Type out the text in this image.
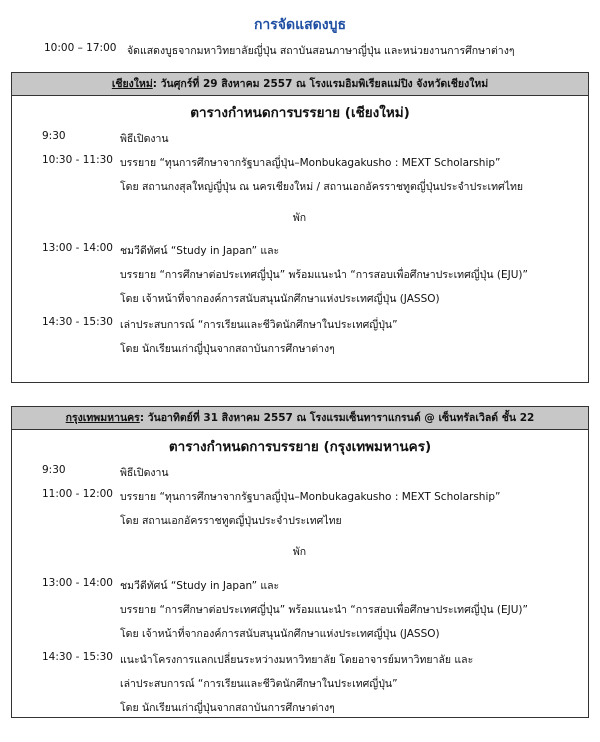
การจัดแสดงบูธ
10:00 – 17:00	จัดแสดงบูธจากมหาวิทยาลัยญี่ปุ่น สถาบันสอนภาษาญี่ปุ่น และหน่วยงานการศึกษาต่างๆ
เชียงใหม่: วันศุกร์ที่ 29 สิงหาคม 2557 ณ โรงแรมอิมพิเรียลแม่ปิง จังหวัดเชียงใหม่
ตารางกำหนดการบรรยาย (เชียงใหม่)
9:30	พิธีเปิดงาน
10:30 - 11:30 บรรยาย “ทุนการศึกษาจากรัฐบาลญี่ปุ่น–Monbukagakusho : MEXT Scholarship”
โดย สถานกงสุลใหญ่ญี่ปุ่น ณ นครเชียงใหม่ / สถานเอกอัครราชทูตญี่ปุ่นประจำประเทศไทย
พัก
13:00 - 14:00 ชมวีดีทัศน์ “Study in Japan” และ
บรรยาย “การศึกษาต่อประเทศญี่ปุ่น” พร้อมแนะนำ “การสอบเพื่อศึกษาประเทศญี่ปุ่น (EJU)”
โดย เจ้าหน้าที่จากองค์การสนับสนุนนักศึกษาแห่งประเทศญี่ปุ่น (JASSO)
14:30 - 15:30 เล่าประสบการณ์ “การเรียนและชีวิตนักศึกษาในประเทศญี่ปุ่น”
โดย นักเรียนเก่าญี่ปุ่นจากสถาบันการศึกษาต่างๆ
กรุงเทพมหานคร: วันอาทิตย์ที่ 31 สิงหาคม 2557 ณ โรงแรมเซ็นทาราแกรนด์ @ เซ็นทรัลเวิลด์ ชั้น 22
ตารางกำหนดการบรรยาย (กรุงเทพมหานคร)
9:30	พิธีเปิดงาน
11:00 - 12:00 บรรยาย “ทุนการศึกษาจากรัฐบาลญี่ปุ่น–Monbukagakusho : MEXT Scholarship”
โดย สถานเอกอัครราชทูตญี่ปุ่นประจำประเทศไทย
พัก
13:00 - 14:00 ชมวีดีทัศน์ “Study in Japan” และ
บรรยาย “การศึกษาต่อประเทศญี่ปุ่น” พร้อมแนะนำ “การสอบเพื่อศึกษาประเทศญี่ปุ่น (EJU)”
โดย เจ้าหน้าที่จากองค์การสนับสนุนนักศึกษาแห่งประเทศญี่ปุ่น (JASSO)
14:30 - 15:30 แนะนำโครงการแลกเปลี่ยนระหว่างมหาวิทยาลัย โดยอาจารย์มหาวิทยาลัย และ
เล่าประสบการณ์ “การเรียนและชีวิตนักศึกษาในประเทศญี่ปุ่น”
โดย นักเรียนเก่าญี่ปุ่นจากสถาบันการศึกษาต่างๆ
